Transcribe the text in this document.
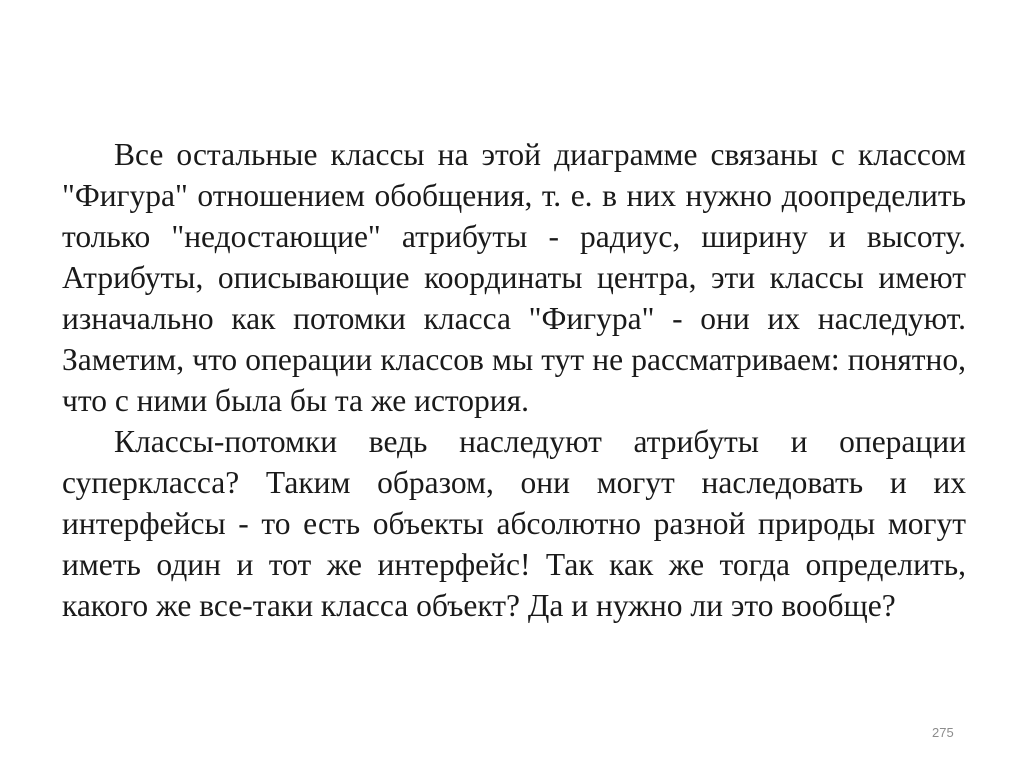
Все остальные классы на этой диаграмме связаны с классом "Фигура" отношением обобщения, т. е. в них нужно доопределить только "недостающие" атрибуты - радиус, ширину и высоту. Атрибуты, описывающие координаты центра, эти классы имеют изначально как потомки класса "Фигура" - они их наследуют. Заметим, что операции классов мы тут не рассматриваем: понятно, что с ними была бы та же история.

Классы-потомки ведь наследуют атрибуты и операции суперкласса? Таким образом, они могут наследовать и их интерфейсы - то есть объекты абсолютно разной природы могут иметь один и тот же интерфейс! Так как же тогда определить, какого же все-таки класса объект? Да и нужно ли это вообще?

275
